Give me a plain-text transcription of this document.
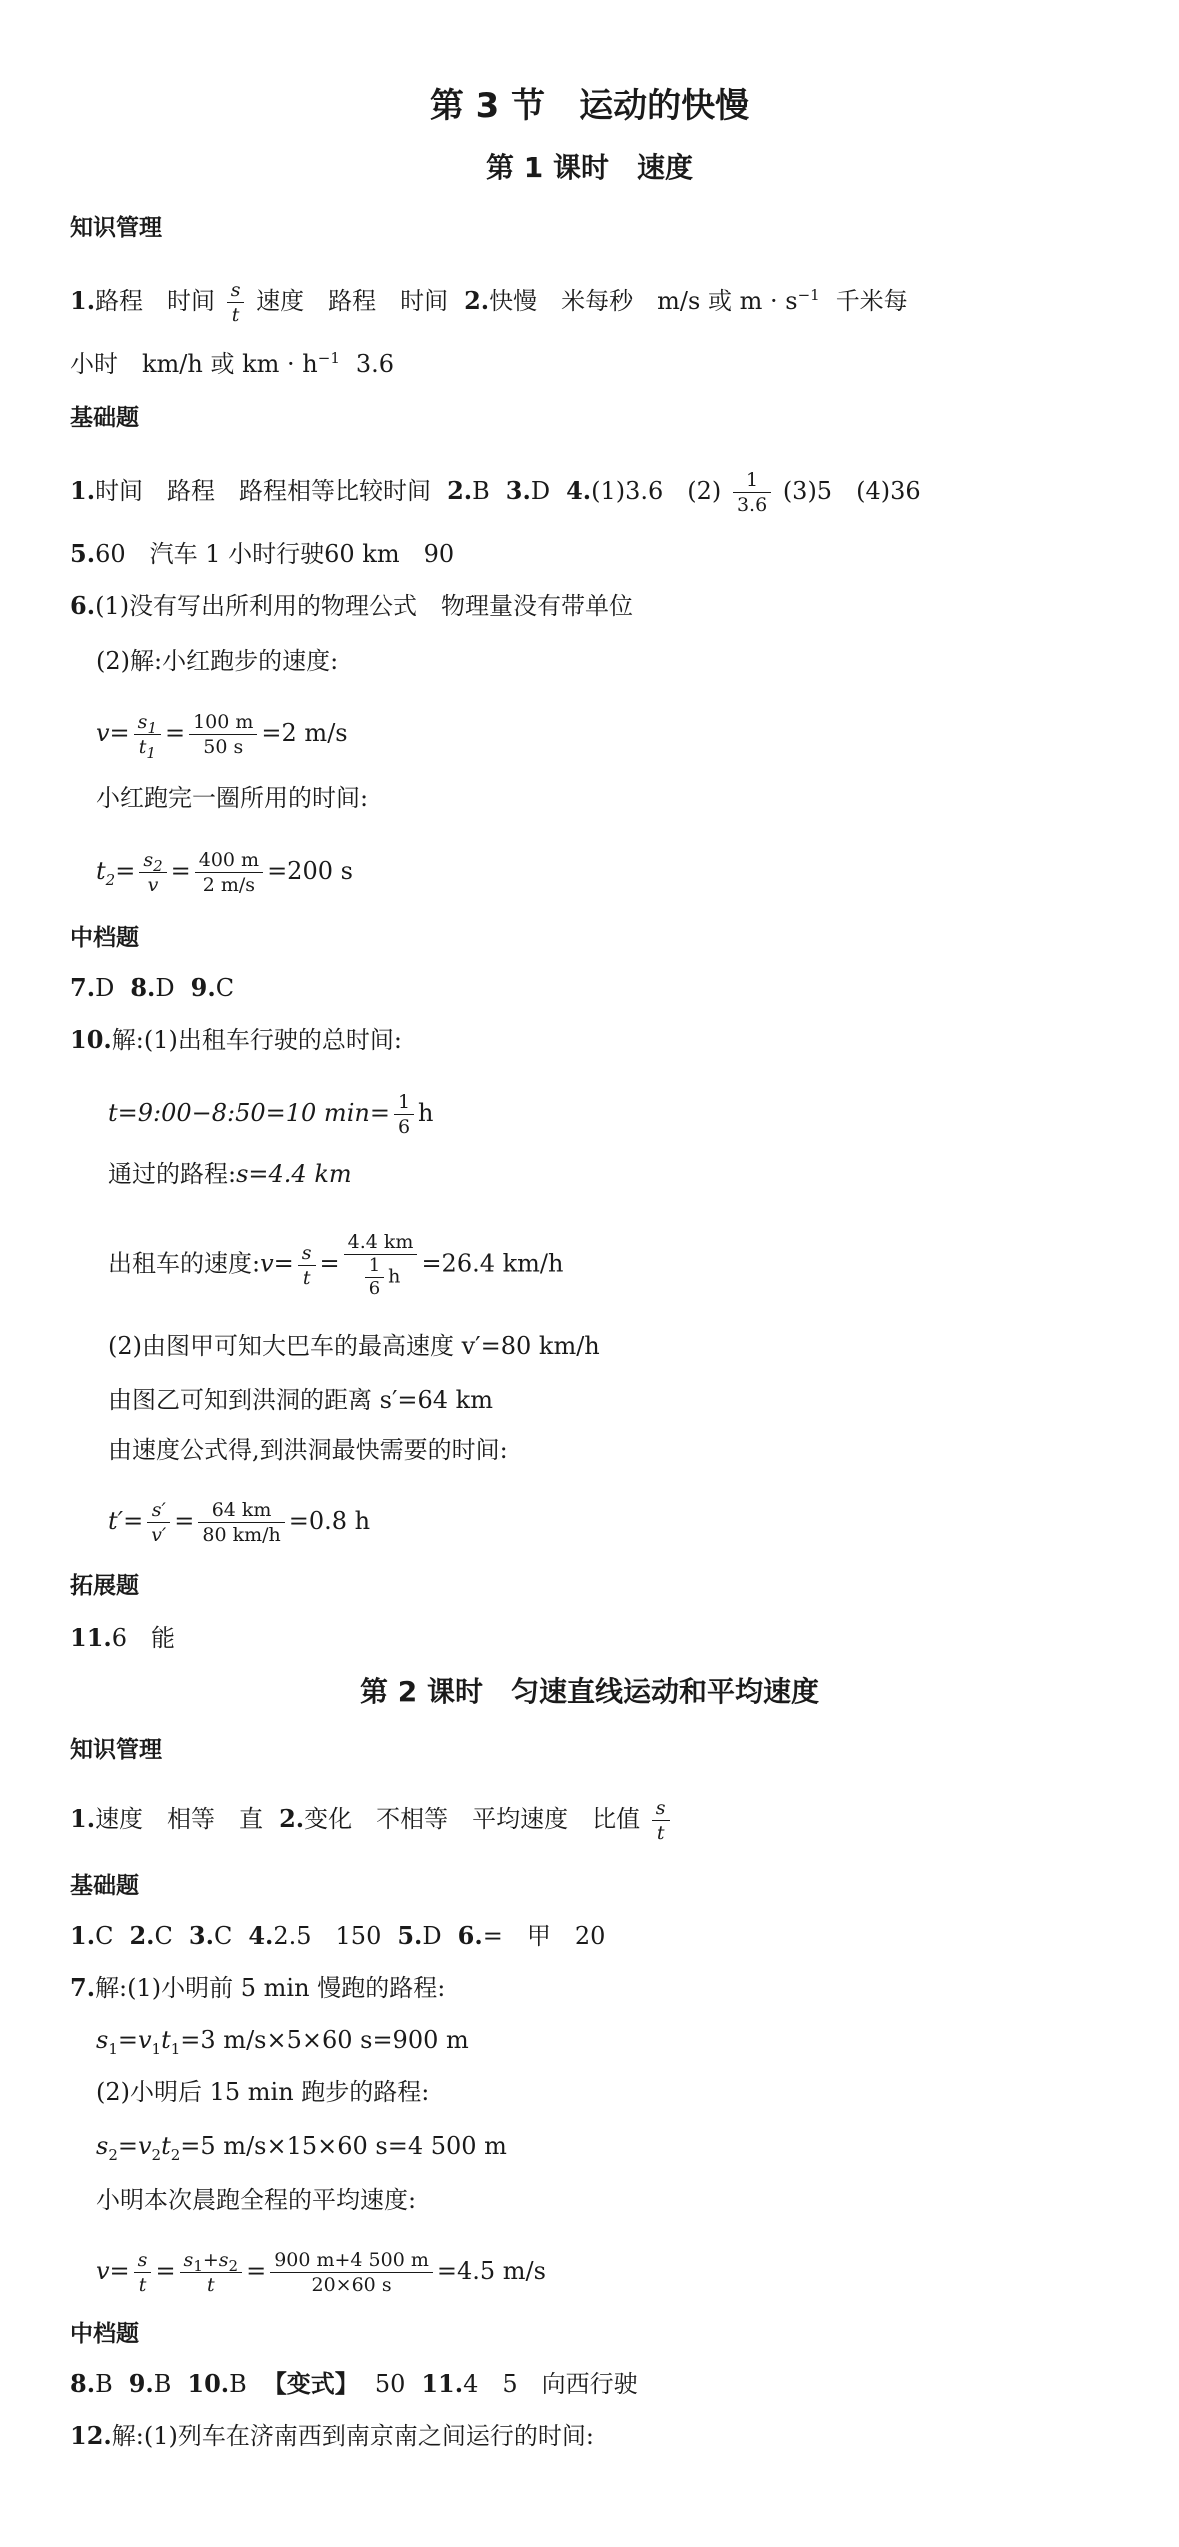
第 3 节　运动的快慢
第 1 课时　速度
知识管理
1.路程　时间 $\frac{s}{t}$ 速度　路程　时间 2.快慢　米每秒　m/s 或 $m \cdot s^{-1}$ 千米每
小时　km/h 或 km · $h^{-1}$ 3.6
基础题
1.时间　路程　路程相等比较时间 2.B 3.D 4.(1)3.6　$(2) \frac{1}{3.6} (3)5$　(4)36
5.60　汽车 1 小时行驶60 km　90
6.(1)没有写出所利用的物理公式　物理量没有带单位
(2)解:小红跑步的速度:
$v= \frac{s_1}{t_1} = \frac{100 m}{50 s} =2$ m/s
小红跑完一圈所用的时间:
$t_2= \frac{s_2}{v} = \frac{400 m}{2 m/s} =200$ s
中档题
7.D 8.D 9.C
10.解:(1)出租车行驶的总时间:
t=9:00−8:50=10 $\min= \frac{1}{6}$ h
通过的路程:s=4.4 km
出租车的速度:v= $\frac{s}{t} = \frac{4.4 km}{\frac{1}{6} h} =26.4$ km/h
(2)由图甲可知大巴车的最高速度 v′=80 km/h
由图乙可知到洪洞的距离 s′=64 km
由速度公式得,到洪洞最快需要的时间:
$t'= \frac{s'}{v'} = \frac{64 km}{80 km/h} =0.8$ h
拓展题
11.6　能
第 2 课时　匀速直线运动和平均速度
知识管理
1.速度　相等　直 2.变化　不相等　平均速度　比值 $\frac{s}{t}$
基础题
1.C 2.C 3.C 4.2.5　150 5.D 6.=　甲　20
7.解:(1)小明前 5 min 慢跑的路程:
$s_1=v_1t_1=3$ m/s×5×60 s=900 m
(2)小明后 15 min 跑步的路程:
$s_2=v_2t_2=5$ m/s×15×60 s=4 500 m
小明本次晨跑全程的平均速度:
$v= \frac{s}{t} = \frac{s_1+s_2}{t} = \frac{900 m+4 500 m}{20\times 60 s} =4.5$ m/s
中档题
8.B 9.B 10.B 【变式】 50 11.4　5　向西行驶
12.解:(1)列车在济南西到南京南之间运行的时间:
